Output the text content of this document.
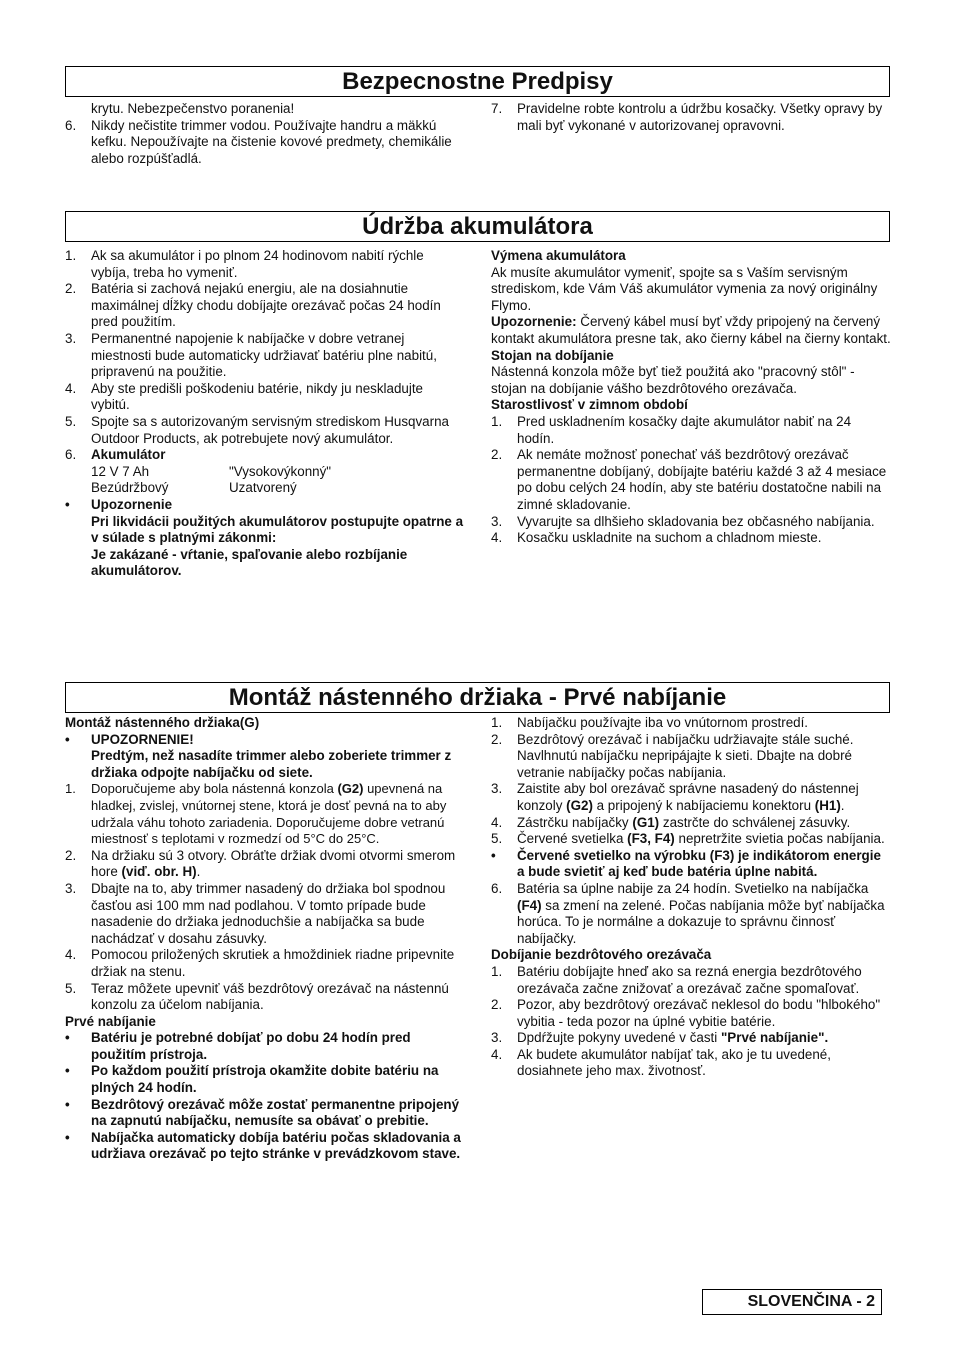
Bezpecnostne Predpisy
krytu. Nebezpečenstvo poranenia!
6.	Nikdy nečistite trimmer vodou. Používajte handru a mäkkú kefku. Nepoužívajte na čistenie kovové predmety, chemikálie alebo rozpúšťadlá.
7.	Pravidelne robte kontrolu a údržbu kosačky. Všetky opravy by mali byť vykonané v autorizovanej opravovni.
Údržba akumulátora
1.	Ak sa akumulátor i po plnom 24 hodinovom nabití rýchle vybíja, treba ho vymeniť.
2.	Batéria si zachová nejakú energiu, ale na dosiahnutie maximálnej dĺžky chodu dobíjajte orezávač počas 24 hodín pred použitím.
3.	Permanentné napojenie k nabíjačke v dobre vetranej miestnosti bude automaticky udržiavať batériu plne nabitú, pripravenú na použitie.
4.	Aby ste predišli poškodeniu batérie, nikdy ju neskladujte vybitú.
5.	Spojte sa s autorizovaným servisným strediskom Husqvarna Outdoor Products, ak potrebujete nový akumulátor.
6.	Akumulátor
12 V 7 Ah	"Vysokovýkonný"
Bezúdržbový	Uzatvorený
•	Upozornenie
Pri likvidácii použitých akumulátorov postupujte opatrne a v súlade s platnými zákonmi:
Je zakázané - vŕtanie, spaľovanie alebo rozbíjanie akumulátorov.
Výmena akumulátora
Ak musíte akumulátor vymeniť, spojte sa s Vaším servisným strediskom, kde Vám Váš akumulátor vymenia za nový originálny Flymo.
Upozornenie: Červený kábel musí byť vždy pripojený na červený kontakt akumulátora presne tak, ako čierny kábel na čierny kontakt.
Stojan na dobíjanie
Nástenná konzola môže byť tiež použitá ako "pracovný stôl" - stojan na dobíjanie vášho bezdrôtového orezávača.
Starostlivosť v zimnom období
1.	Pred uskladnením kosačky dajte akumulátor nabiť na 24 hodín.
2.	Ak nemáte možnosť ponechať váš bezdrôtový orezávač permanentne dobíjaný, dobíjajte batériu každé 3 až 4 mesiace po dobu celých 24 hodín, aby ste batériu dostatočne nabili na zimné skladovanie.
3.	Vyvarujte sa dlhšieho skladovania bez občasného nabíjania.
4.	Kosačku uskladnite na suchom a chladnom mieste.
Montáž nástenného držiaka - Prvé nabíjanie
Montáž nástenného držiaka(G)
•	UPOZORNENIE!
Predtým, než nasadíte trimmer alebo zoberiete trimmer z držiaka odpojte nabíjačku od siete.
1.	Doporučujeme aby bola nástenná konzola (G2) upevnená na hladkej, zvislej, vnútornej stene, ktorá je dosť pevná na to aby udržala váhu tohoto zariadenia. Doporučujeme dobre vetranú miestnosť s teplotami v rozmedzí od 5°C do 25°C.
2.	Na držiaku sú 3 otvory. Obráťte držiak dvomi otvormi smerom hore (viď. obr. H).
3.	Dbajte na to, aby trimmer nasadený do držiaka bol spodnou časťou asi 100 mm nad podlahou. V tomto prípade bude nasadenie do držiaka jednoduchšie a nabíjačka sa bude nachádzať v dosahu zásuvky.
4.	Pomocou priložených skrutiek a hmoždiniek riadne pripevnite držiak na stenu.
5.	Teraz môžete upevniť váš bezdrôtový orezávač na nástennú konzolu za účelom nabíjania.
Prvé nabíjanie
•	Batériu je potrebné dobíjať po dobu 24 hodín pred použitím prístroja.
•	Po každom použití prístroja okamžite dobite batériu na plných 24 hodín.
•	Bezdrôtový orezávač môže zostať permanentne pripojený na zapnutú nabíjačku, nemusíte sa obávať o prebitie.
•	Nabíjačka automaticky dobíja batériu počas skladovania a udržiava orezávač po tejto stránke v prevádzkovom stave.
1.	Nabíjačku používajte iba vo vnútornom prostredí.
2.	Bezdrôtový orezávač i nabíjačku udržiavajte stále suché. Navlhnutú nabíjačku nepripájajte k sieti. Dbajte na dobré vetranie nabíjačky počas nabíjania.
3.	Zaistite aby bol orezávač správne nasadený do nástennej konzoly (G2) a pripojený k nabíjaciemu konektoru (H1).
4.	Zástrčku nabíjačky (G1) zastrčte do schválenej zásuvky.
5.	Červené svetielka (F3, F4) nepretržite svietia počas nabíjania.
•	Červené svetielko na výrobku (F3) je indikátorom energie a bude svietiť aj keď bude batéria úplne nabitá.
6.	Batéria sa úplne nabije za 24 hodín. Svetielko na nabíjačka (F4) sa zmení na zelené. Počas nabíjania môže byť nabíjačka horúca. To je normálne a dokazuje to správnu činnosť nabíjačky.
Dobíjanie bezdrôtového orezávača
1.	Batériu dobíjajte hneď ako sa rezná energia bezdrôtového orezávača začne znižovať a orezávač začne spomaľovať.
2.	Pozor, aby bezdrôtový orezávač neklesol do bodu "hlbokého" vybitia - teda pozor na úplné vybitie batérie.
3.	Dpdŕžujte pokyny uvedené v časti "Prvé nabíjanie".
4.	Ak budete akumulátor nabíjať tak, ako je tu uvedené, dosiahnete jeho max. životnosť.
SLOVENČINA - 2
